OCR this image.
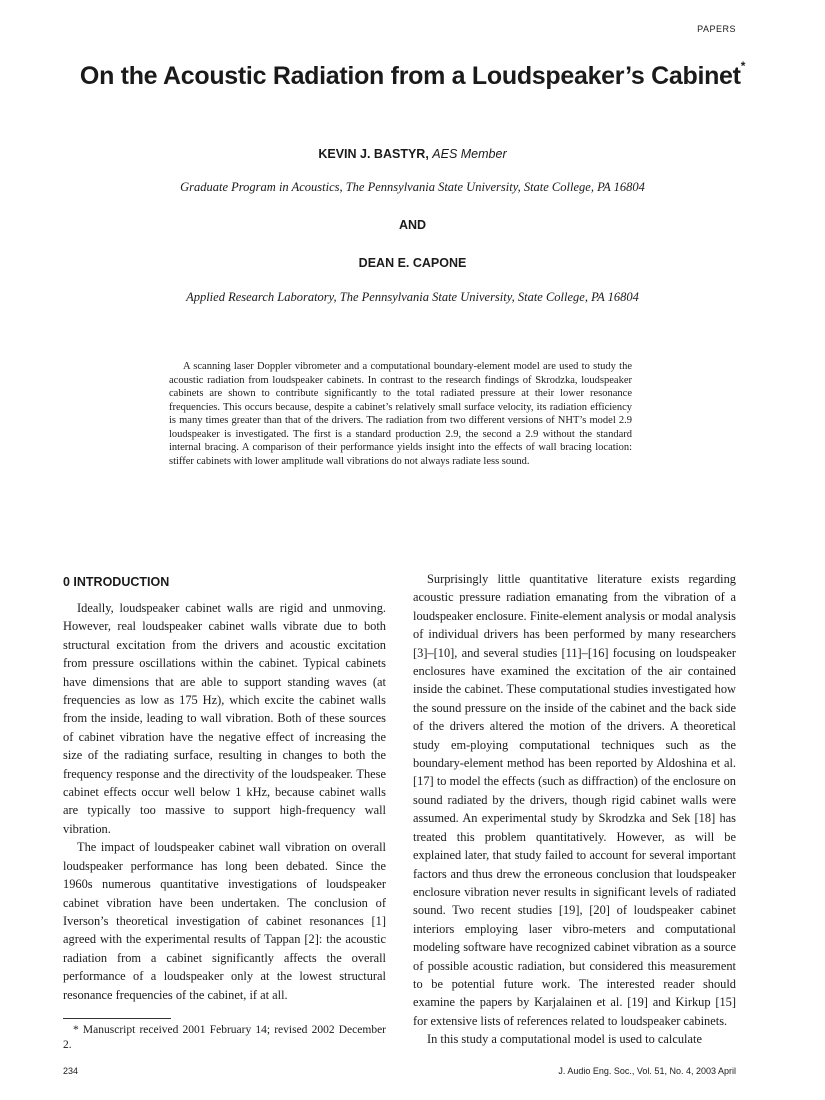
PAPERS
On the Acoustic Radiation from a Loudspeaker’s Cabinet*
KEVIN J. BASTYR, AES Member
Graduate Program in Acoustics, The Pennsylvania State University, State College, PA 16804
AND
DEAN E. CAPONE
Applied Research Laboratory, The Pennsylvania State University, State College, PA 16804
A scanning laser Doppler vibrometer and a computational boundary-element model are used to study the acoustic radiation from loudspeaker cabinets. In contrast to the research findings of Skrodzka, loudspeaker cabinets are shown to contribute significantly to the total radiated pressure at their lower resonance frequencies. This occurs because, despite a cabinet’s relatively small surface velocity, its radiation efficiency is many times greater than that of the drivers. The radiation from two different versions of NHT’s model 2.9 loudspeaker is investigated. The first is a standard production 2.9, the second a 2.9 without the standard internal bracing. A comparison of their performance yields insight into the effects of wall bracing location: stiffer cabinets with lower amplitude wall vibrations do not always radiate less sound.
0 INTRODUCTION

Ideally, loudspeaker cabinet walls are rigid and unmoving. However, real loudspeaker cabinet walls vibrate due to both structural excitation from the drivers and acoustic excitation from pressure oscillations within the cabinet. Typical cabinets have dimensions that are able to support standing waves (at frequencies as low as 175 Hz), which excite the cabinet walls from the inside, leading to wall vibration. Both of these sources of cabinet vibration have the negative effect of increasing the size of the radiating surface, resulting in changes to both the frequency response and the directivity of the loudspeaker. These cabinet effects occur well below 1 kHz, because cabinet walls are typically too massive to support high-frequency wall vibration.

The impact of loudspeaker cabinet wall vibration on overall loudspeaker performance has long been debated. Since the 1960s numerous quantitative investigations of loudspeaker cabinet vibration have been undertaken. The conclusion of Iverson’s theoretical investigation of cabinet resonances [1] agreed with the experimental results of Tappan [2]: the acoustic radiation from a cabinet significantly affects the overall performance of a loudspeaker only at the lowest structural resonance frequencies of the cabinet, if at all.

Surprisingly little quantitative literature exists regarding acoustic pressure radiation emanating from the vibration of a loudspeaker enclosure. Finite-element analysis or modal analysis of individual drivers has been performed by many researchers [3]–[10], and several studies [11]–[16] focusing on loudspeaker enclosures have examined the excitation of the air contained inside the cabinet. These computational studies investigated how the sound pressure on the inside of the cabinet and the back side of the drivers altered the motion of the drivers. A theoretical study em-ploying computational techniques such as the boundary-element method has been reported by Aldoshina et al. [17] to model the effects (such as diffraction) of the enclosure on sound radiated by the drivers, though rigid cabinet walls were assumed. An experimental study by Skrodzka and Sek [18] has treated this problem quantitatively. However, as will be explained later, that study failed to account for several important factors and thus drew the erroneous conclusion that loudspeaker enclosure vibration never results in significant levels of radiated sound. Two recent studies [19], [20] of loudspeaker cabinet interiors employing laser vibro-meters and computational modeling software have recognized cabinet vibration as a source of possible acoustic radiation, but considered this measurement to be potential future work. The interested reader should examine the papers by Karjalainen et al. [19] and Kirkup [15] for extensive lists of references related to loudspeaker cabinets.

In this study a computational model is used to calculate

* Manuscript received 2001 February 14; revised 2002 December 2.
234	J. Audio Eng. Soc., Vol. 51, No. 4, 2003 April
